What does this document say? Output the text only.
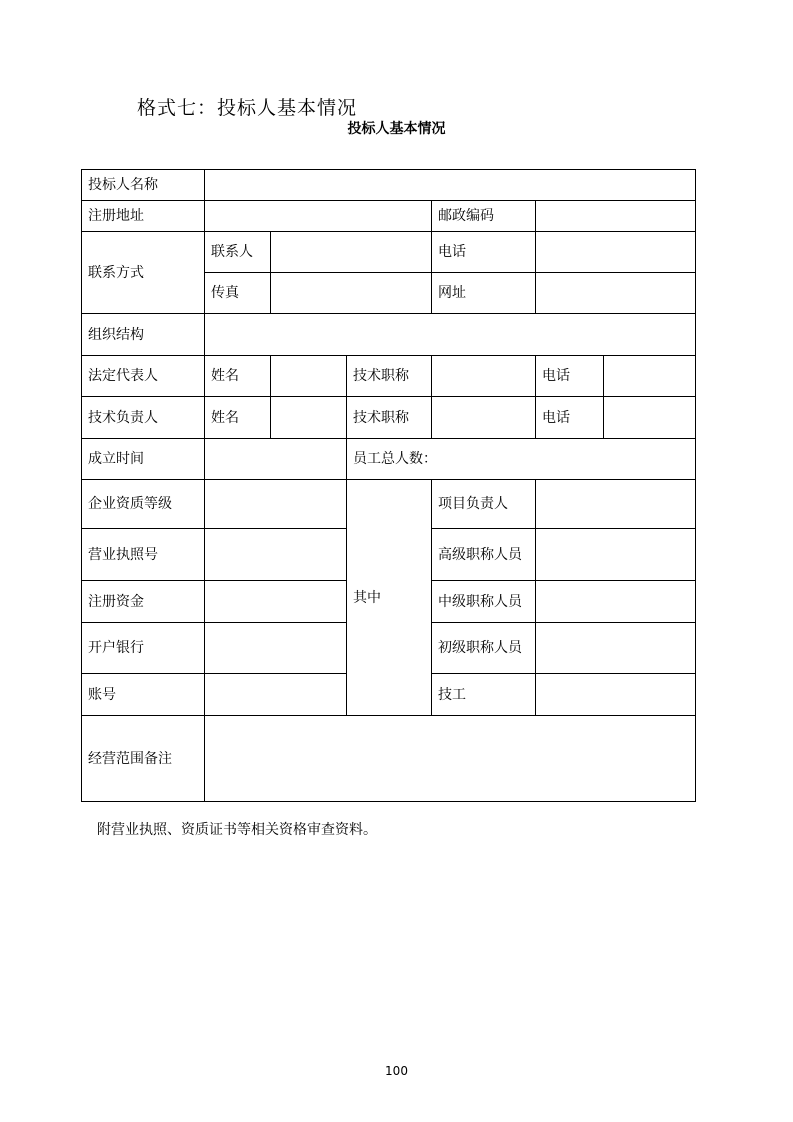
格式七：投标人基本情况
投标人基本情况
投标人名称						
注册地址				邮政编码		
联系方式	联系人			电话		
	传真			网址		
组织结构						
法定代表人	姓名		技术职称		电话	
技术负责人	姓名		技术职称		电话	
成立时间			员工总人数：			
企业资质等级			其中	项目负责人		
营业执照号				高级职称人员		
注册资金				中级职称人员		
开户银行				初级职称人员		
账号				技工		
经营范围备注						
附营业执照、资质证书等相关资格审查资料。
100
